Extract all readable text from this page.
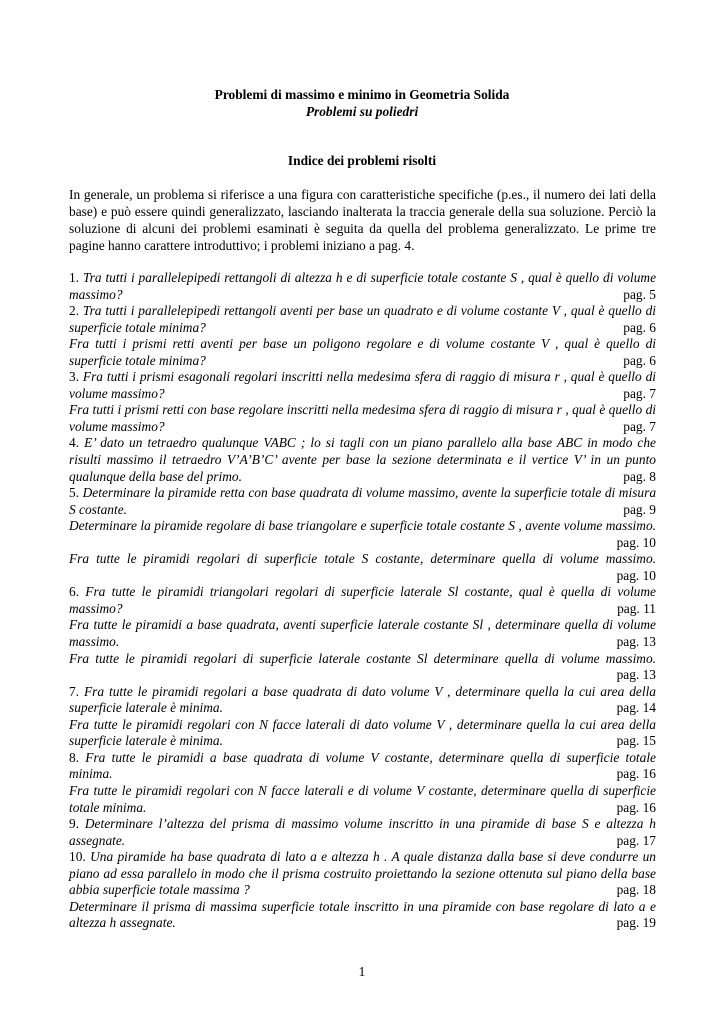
Problemi di massimo e minimo in Geometria Solida
Problemi su poliedri
Indice dei problemi risolti

In generale, un problema si riferisce a una figura con caratteristiche specifiche (p.es., il numero dei lati della base) e può essere quindi generalizzato, lasciando inalterata la traccia generale della sua soluzione. Perciò la soluzione di alcuni dei problemi esaminati è seguita da quella del problema generalizzato. Le prime tre pagine hanno carattere introduttivo; i problemi iniziano a pag. 4.

1. Tra tutti i parallelepipedi rettangoli di altezza h e di superficie totale costante S , qual è quello di volume massimo?	pag. 5
2. Tra tutti i parallelepipedi rettangoli aventi per base un quadrato e di volume costante V , qual è quello di superficie totale minima?	pag. 6
Fra tutti i prismi retti aventi per base un poligono regolare e di volume costante V , qual è quello di superficie totale minima?	pag. 6
3. Fra tutti i prismi esagonali regolari inscritti nella medesima sfera di raggio di misura r , qual è quello di volume massimo?	pag. 7
Fra tutti i prismi retti con base regolare inscritti nella medesima sfera di raggio di misura r , qual è quello di volume massimo?	pag. 7
4. E’ dato un tetraedro qualunque VABC ; lo si tagli con un piano parallelo alla base ABC in modo che risulti massimo il tetraedro V’A’B’C’ avente per base la sezione determinata e il vertice V’ in un punto qualunque della base del primo.	pag. 8
5. Determinare la piramide retta con base quadrata di volume massimo, avente la superficie totale di misura S costante.	pag. 9
Determinare la piramide regolare di base triangolare e superficie totale costante S , avente volume massimo.
pag. 10
Fra tutte le piramidi regolari di superficie totale S costante, determinare quella di volume massimo.
pag. 10
6. Fra tutte le piramidi triangolari regolari di superficie laterale Sl costante, qual è quella di volume massimo?	pag. 11
Fra tutte le piramidi a base quadrata, aventi superficie laterale costante Sl , determinare quella di volume massimo.	pag. 13
Fra tutte le piramidi regolari di superficie laterale costante Sl determinare quella di volume massimo.
pag. 13
7. Fra tutte le piramidi regolari a base quadrata di dato volume V , determinare quella la cui area della superficie laterale è minima.	pag. 14
Fra tutte le piramidi regolari con N facce laterali di dato volume V , determinare quella la cui area della superficie laterale è minima.	pag. 15
8. Fra tutte le piramidi a base quadrata di volume V costante, determinare quella di superficie totale minima.	pag. 16
Fra tutte le piramidi regolari con N facce laterali e di volume V costante, determinare quella di superficie totale minima.	pag. 16
9. Determinare l’altezza del prisma di massimo volume inscritto in una piramide di base S e altezza h assegnate.	pag. 17
10. Una piramide ha base quadrata di lato a e altezza h . A quale distanza dalla base si deve condurre un piano ad essa parallelo in modo che il prisma costruito proiettando la sezione ottenuta sul piano della base abbia superficie totale massima ?	pag. 18
Determinare il prisma di massima superficie totale inscritto in una piramide con base regolare di lato a e altezza h assegnate.	pag. 19
1
